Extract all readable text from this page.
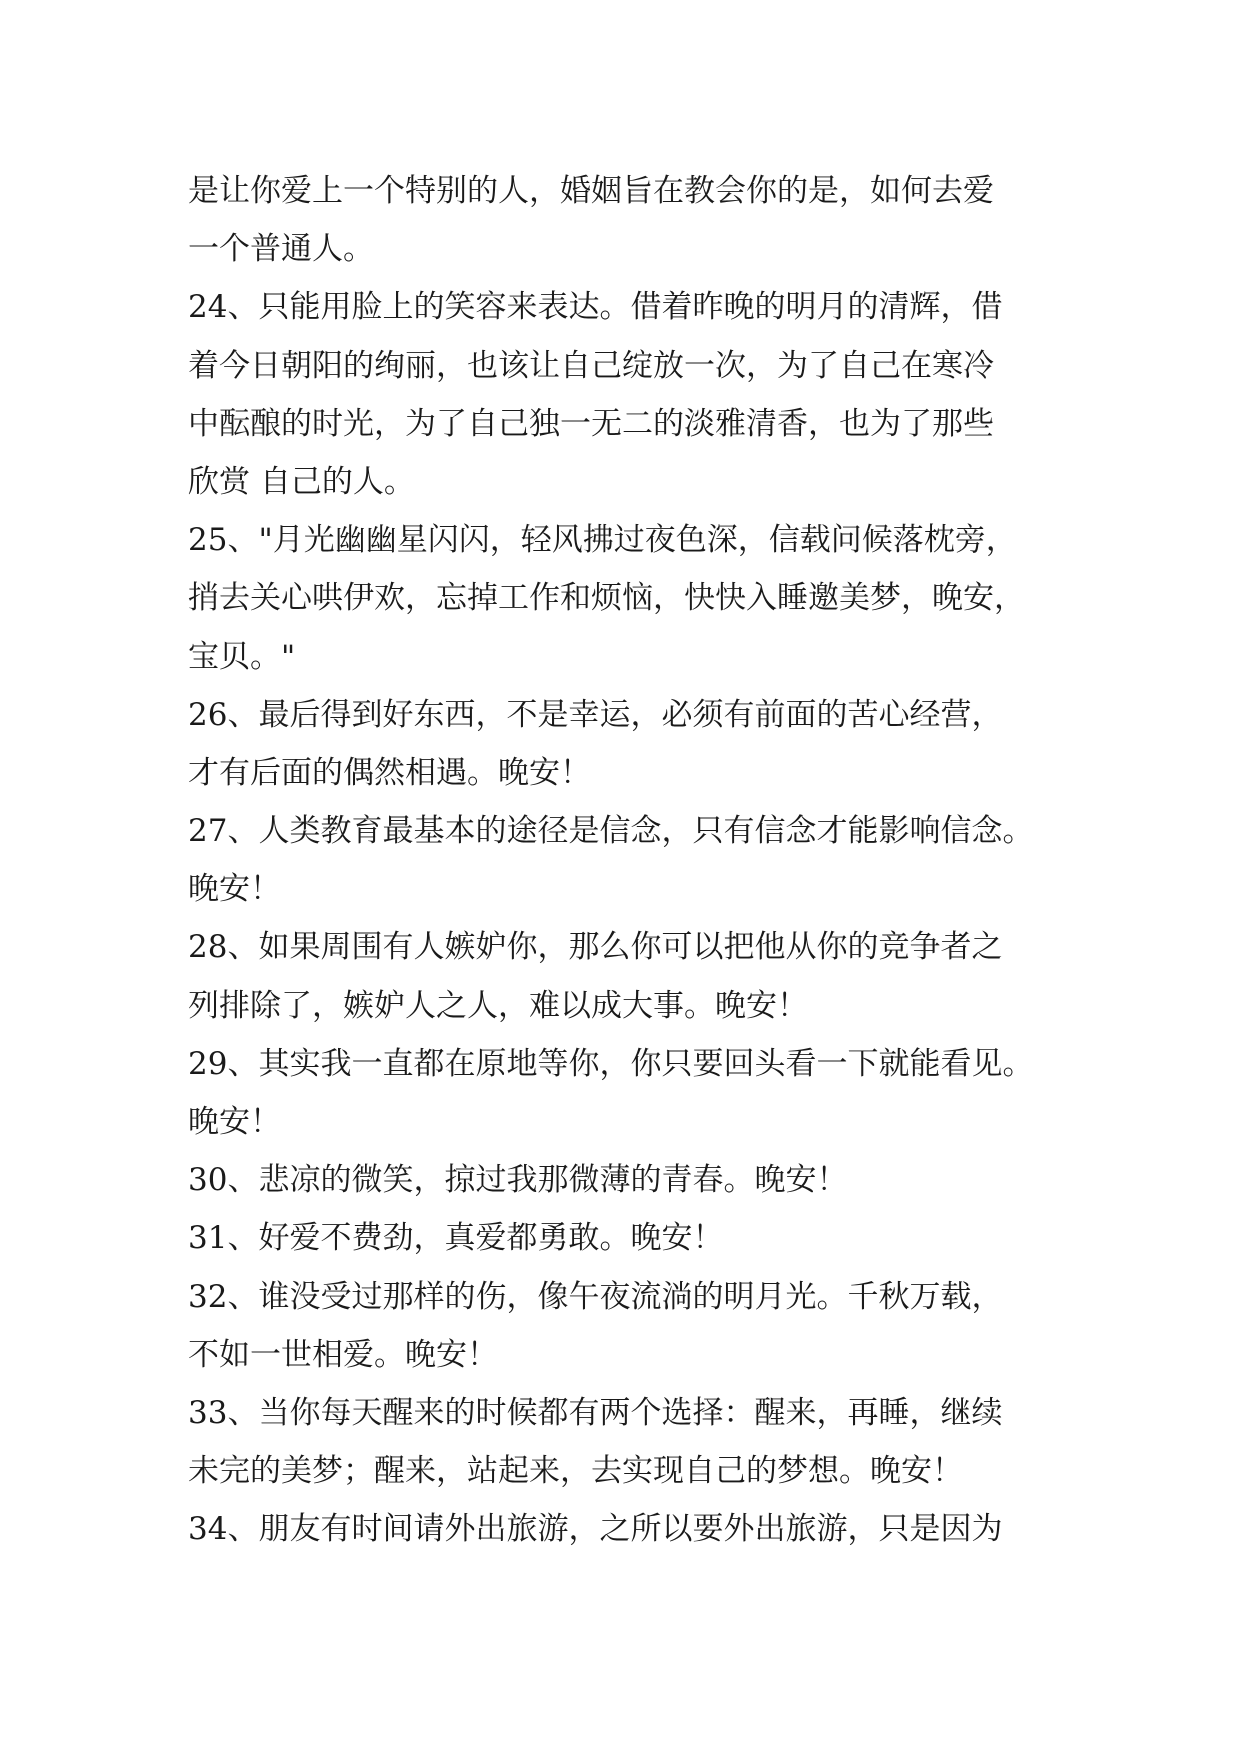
是让你爱上一个特别的人，婚姻旨在教会你的是，如何去爱
一个普通人。
24、只能用脸上的笑容来表达。借着昨晚的明月的清辉，借
着今日朝阳的绚丽，也该让自己绽放一次，为了自己在寒冷
中酝酿的时光，为了自己独一无二的淡雅清香，也为了那些
欣赏 自己的人。
25、"月光幽幽星闪闪，轻风拂过夜色深，信载问候落枕旁，
捎去关心哄伊欢，忘掉工作和烦恼，快快入睡邀美梦，晚安，
宝贝。"
26、最后得到好东西，不是幸运，必须有前面的苦心经营，
才有后面的偶然相遇。晚安！
27、人类教育最基本的途径是信念，只有信念才能影响信念。
晚安！
28、如果周围有人嫉妒你，那么你可以把他从你的竞争者之
列排除了，嫉妒人之人，难以成大事。晚安！
29、其实我一直都在原地等你，你只要回头看一下就能看见。
晚安！
30、悲凉的微笑，掠过我那微薄的青春。晚安！
31、好爱不费劲，真爱都勇敢。晚安！
32、谁没受过那样的伤，像午夜流淌的明月光。千秋万载，
不如一世相爱。晚安！
33、当你每天醒来的时候都有两个选择：醒来，再睡，继续
未完的美梦；醒来，站起来，去实现自己的梦想。晚安！
34、朋友有时间请外出旅游，之所以要外出旅游，只是因为
